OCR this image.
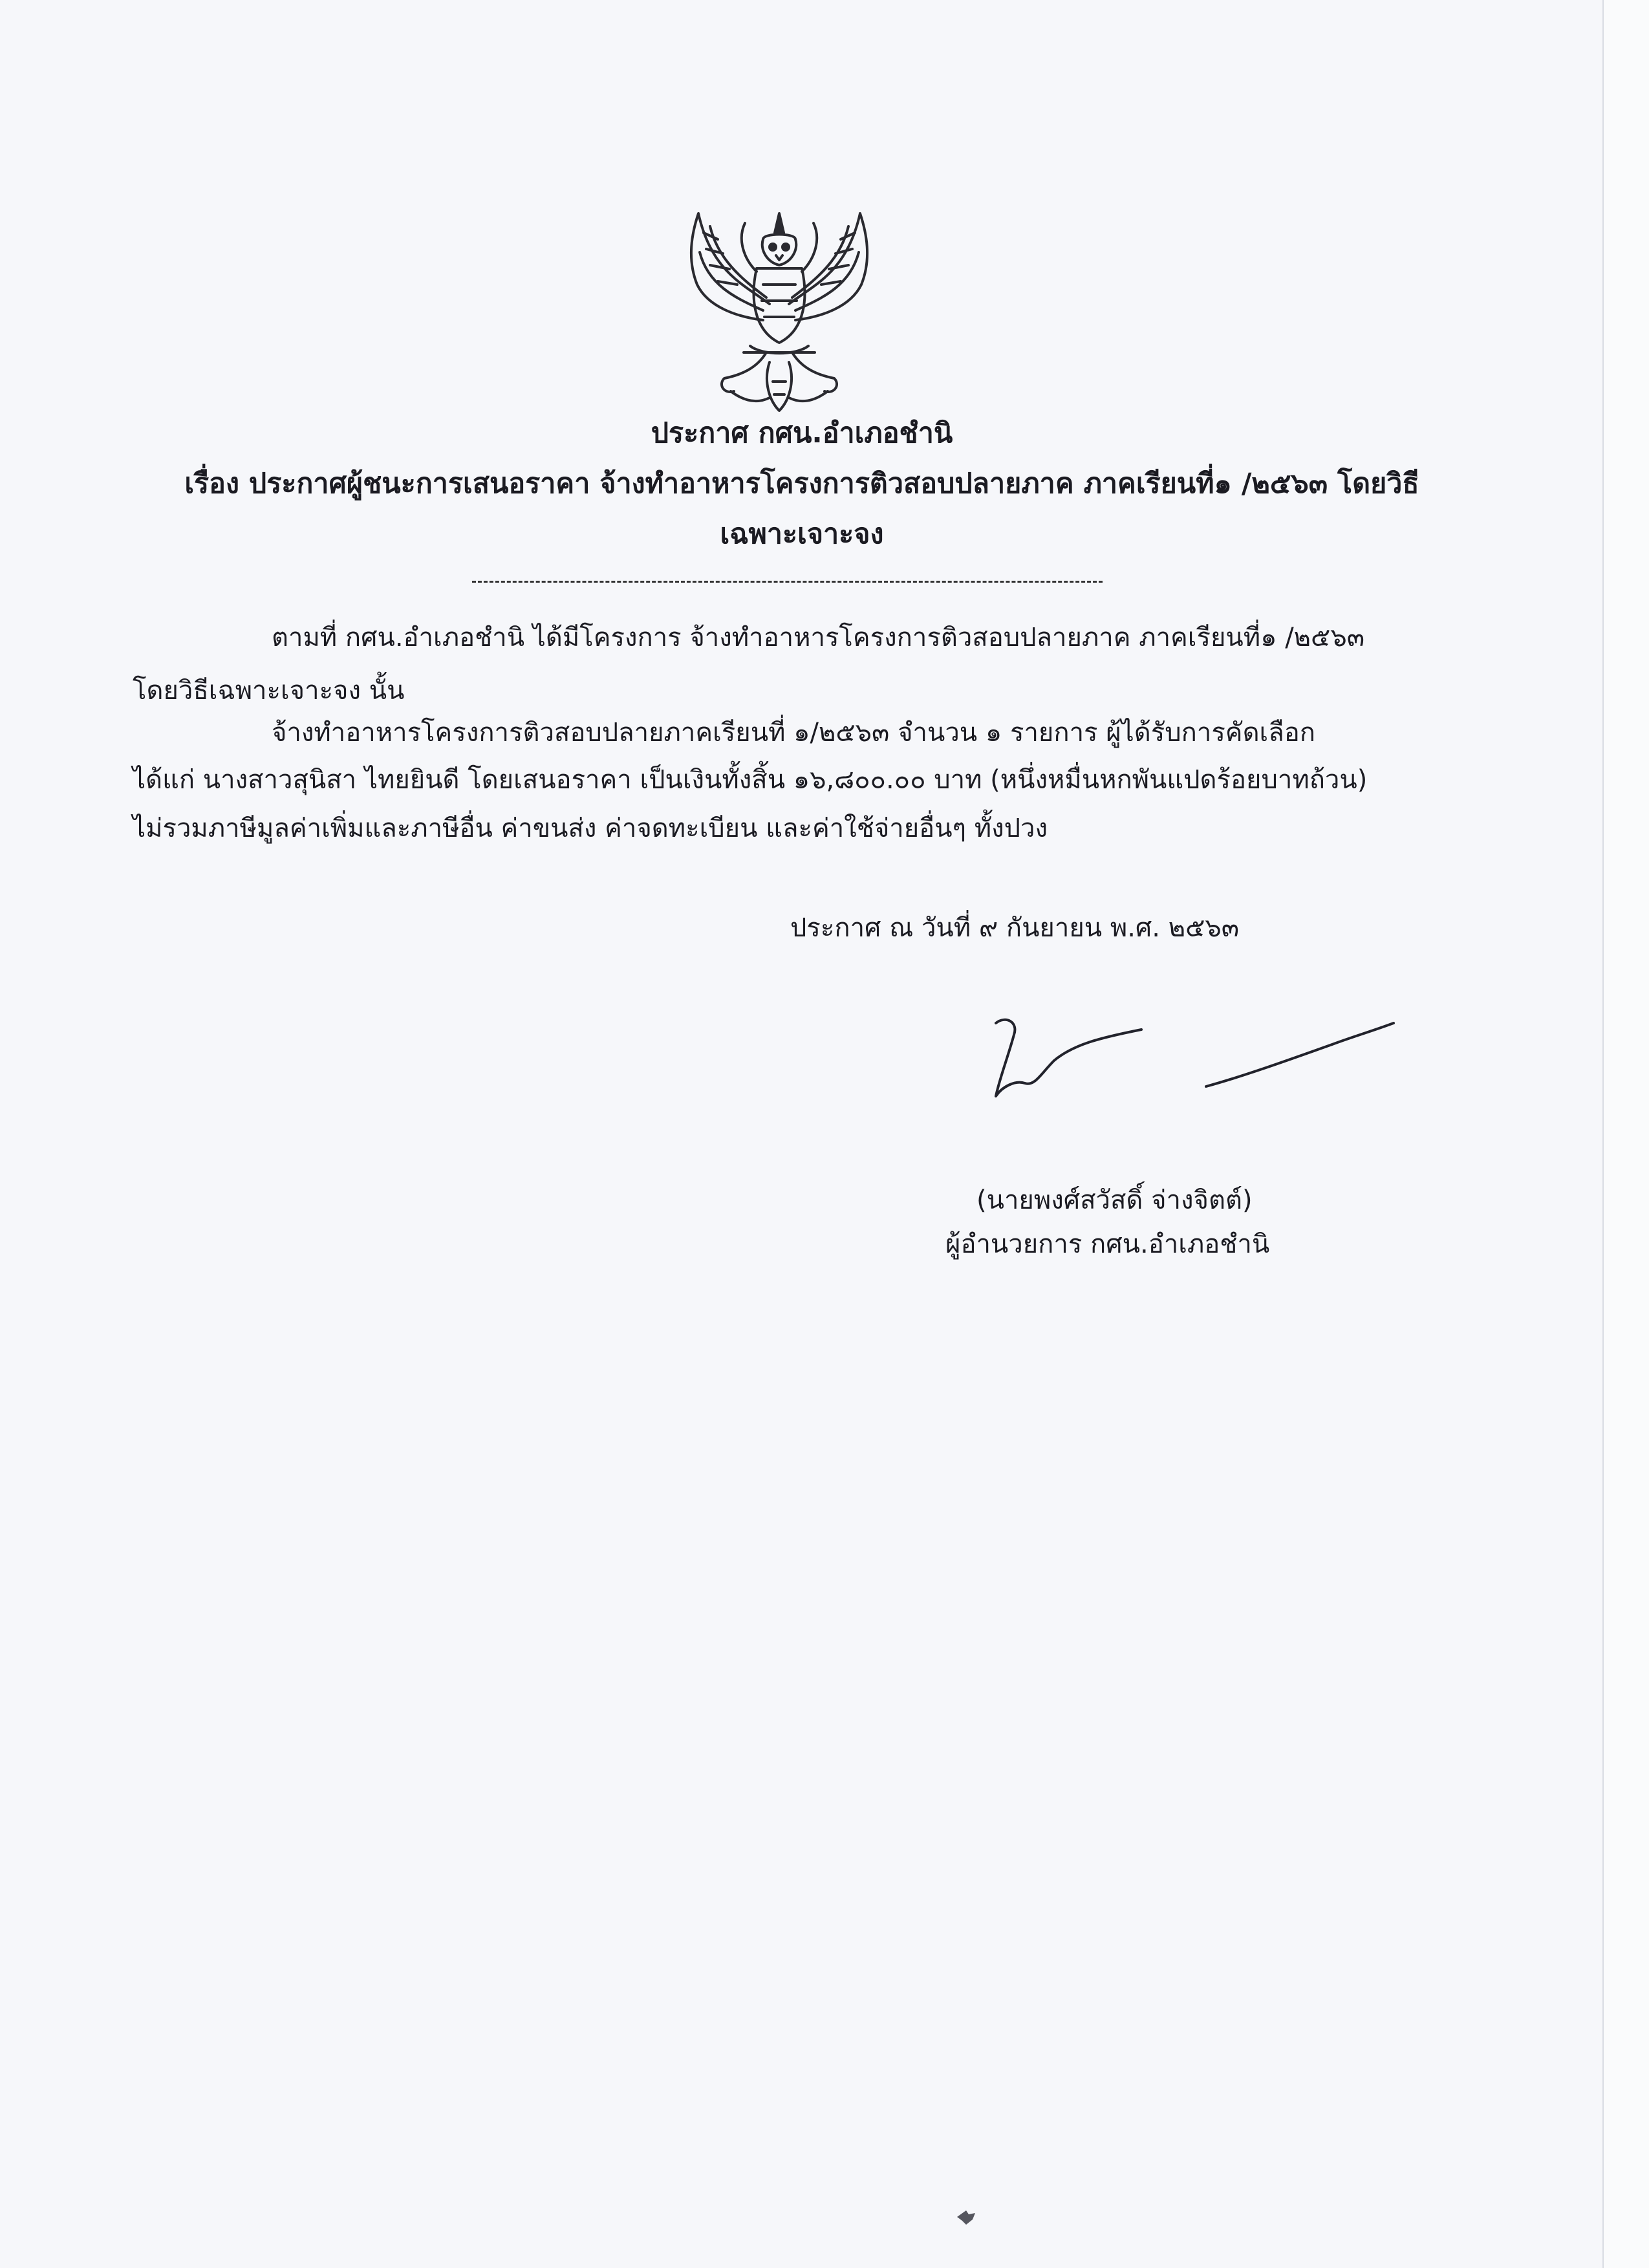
ประกาศ กศน.อำเภอชำนิ
เรื่อง ประกาศผู้ชนะการเสนอราคา จ้างทำอาหารโครงการติวสอบปลายภาค ภาคเรียนที่๑ /๒๕๖๓ โดยวิธี
เฉพาะเจาะจง
ตามที่ กศน.อำเภอชำนิ ได้มีโครงการ จ้างทำอาหารโครงการติวสอบปลายภาค ภาคเรียนที่๑ /๒๕๖๓
โดยวิธีเฉพาะเจาะจง นั้น
จ้างทำอาหารโครงการติวสอบปลายภาคเรียนที่ ๑/๒๕๖๓ จำนวน ๑ รายการ ผู้ได้รับการคัดเลือก
ได้แก่ นางสาวสุนิสา ไทยยินดี โดยเสนอราคา เป็นเงินทั้งสิ้น ๑๖,๘๐๐.๐๐ บาท (หนึ่งหมื่นหกพันแปดร้อยบาทถ้วน)
ไม่รวมภาษีมูลค่าเพิ่มและภาษีอื่น ค่าขนส่ง ค่าจดทะเบียน และค่าใช้จ่ายอื่นๆ ทั้งปวง
ประกาศ ณ วันที่ ๙ กันยายน พ.ศ. ๒๕๖๓
(นายพงศ์สวัสดิ์ จ่างจิตต์)
ผู้อำนวยการ กศน.อำเภอชำนิ
